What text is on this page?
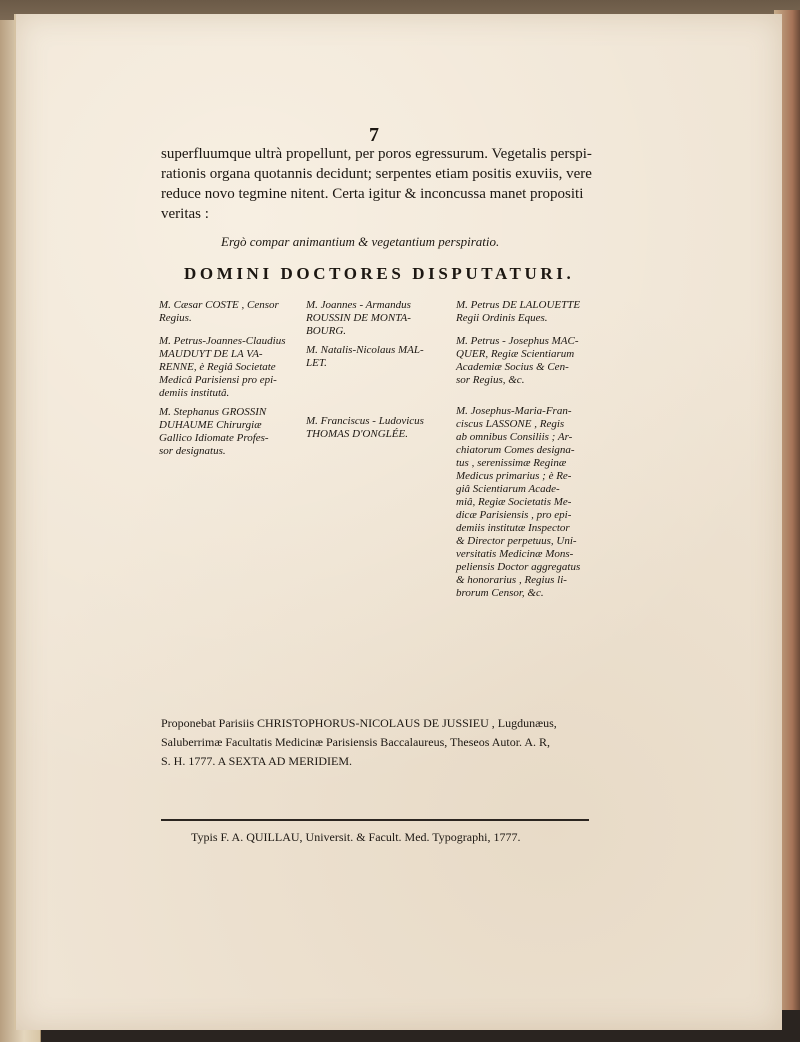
7

superfluumque ultrà propellunt, per poros egressurum. Vegetalis perspi-
rationis organa quotannis decidunt; serpentes etiam positis exuviis, vere
reduce novo tegmine nitent. Certa igitur & inconcussa manet propositi
veritas :

Ergò compar animantium & vegetantium perspiratio.
DOMINI DOCTORES DISPUTATURI.
M. Cæsar COSTE , Censor
Regius.
M. Petrus-Joannes-Claudius
MAUDUYT DE LA VA-
RENNE, è Regiâ Societate
Medicâ Parisiensi pro epi-
demiis institutâ.
M. Stephanus GROSSIN
DUHAUME Chirurgiæ
Gallico Idiomate Profes-
sor designatus.
M. Joannes - Armandus
ROUSSIN DE MONTA-
BOURG.
M. Natalis-Nicolaus MAL-
LET.
M. Franciscus - Ludovicus
THOMAS D'ONGLÉE.
M. Petrus DE LALOUETTE
Regii Ordinis Eques.
M. Petrus - Josephus MAC-
QUER, Regiæ Scientiarum
Academiæ Socius & Cen-
sor Regius, &c.
M. Josephus-Maria-Fran-
ciscus LASSONE , Regis
ab omnibus Consiliis ; Ar-
chiatorum Comes designa-
tus , serenissimæ Reginæ
Medicus primarius ; è Re-
giâ Scientiarum Acade-
miâ, Regiæ Societatis Me-
dicæ Parisiensis , pro epi-
demiis institutæ Inspector
& Director perpetuus, Uni-
versitatis Medicinæ Mons-
peliensis Doctor aggregatus
& honorarius , Regius li-
brorum Censor, &c.
Proponebat Parisiis CHRISTOPHORUS-NICOLAUS DE JUSSIEU , Lugdunæus,
Saluberrimæ Facultatis Medicinæ Parisiensis Baccalaureus, Theseos Autor. A. R,
S. H. 1777. A SEXTA AD MERIDIEM.
Typis F. A. QUILLAU, Universit. & Facult. Med. Typographi, 1777.
